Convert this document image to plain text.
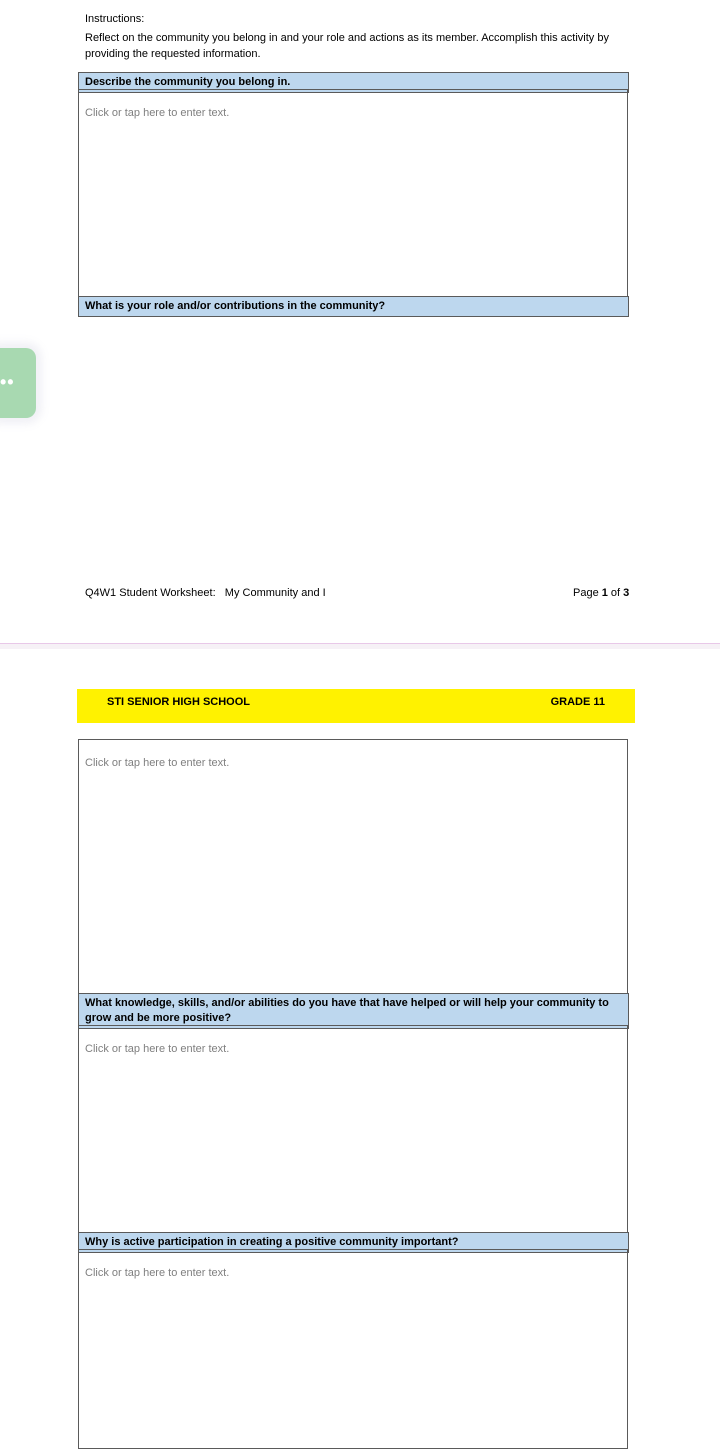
Instructions:
Reflect on the community you belong in and your role and actions as its member. Accomplish this activity by providing the requested information.
Describe the community you belong in.
Click or tap here to enter text.
What is your role and/or contributions in the community?
Q4W1 Student Worksheet:   My Community and I	Page 1 of 3
••
STI SENIOR HIGH SCHOOL	GRADE 11
Click or tap here to enter text.
What knowledge, skills, and/or abilities do you have that have helped or will help your community to grow and be more positive?
Click or tap here to enter text.
Why is active participation in creating a positive community important?
Click or tap here to enter text.
